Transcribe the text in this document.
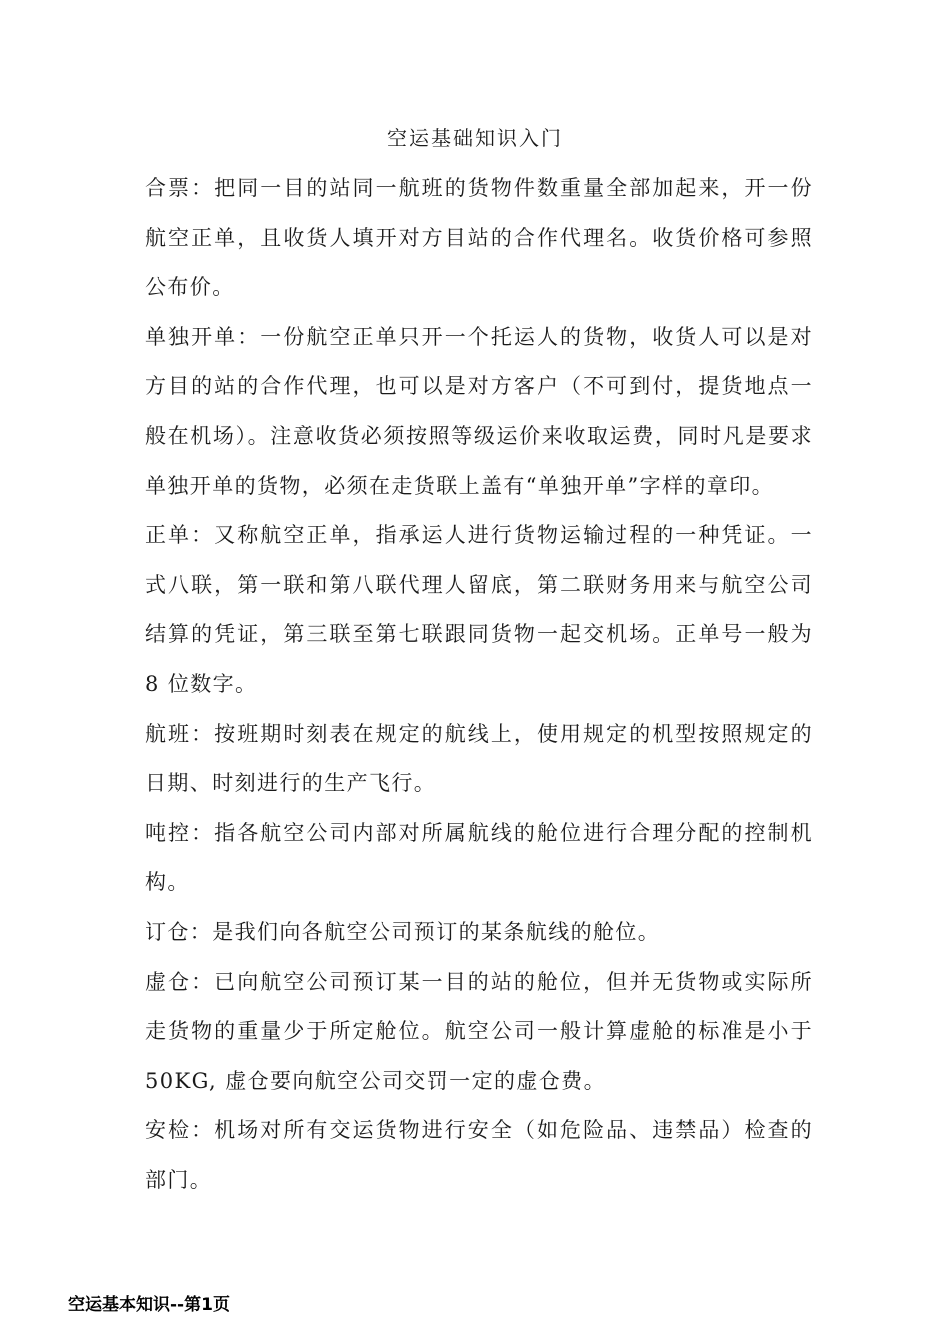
空运基础知识入门

合票：把同一目的站同一航班的货物件数重量全部加起来，开一份航空正单，且收货人填开对方目站的合作代理名。收货价格可参照公布价。

单独开单：一份航空正单只开一个托运人的货物，收货人可以是对方目的站的合作代理，也可以是对方客户（不可到付，提货地点一般在机场）。注意收货必须按照等级运价来收取运费，同时凡是要求单独开单的货物，必须在走货联上盖有“单独开单”字样的章印。

正单：又称航空正单，指承运人进行货物运输过程的一种凭证。一式八联，第一联和第八联代理人留底，第二联财务用来与航空公司结算的凭证，第三联至第七联跟同货物一起交机场。正单号一般为 8 位数字。

航班：按班期时刻表在规定的航线上，使用规定的机型按照规定的日期、时刻进行的生产飞行。

吨控：指各航空公司内部对所属航线的舱位进行合理分配的控制机构。

订仓：是我们向各航空公司预订的某条航线的舱位。

虚仓：已向航空公司预订某一目的站的舱位，但并无货物或实际所走货物的重量少于所定舱位。航空公司一般计算虚舱的标准是小于 50KG, 虚仓要向航空公司交罚一定的虚仓费。

安检：机场对所有交运货物进行安全（如危险品、违禁品）检查的部门。

空运基本知识--第1页
